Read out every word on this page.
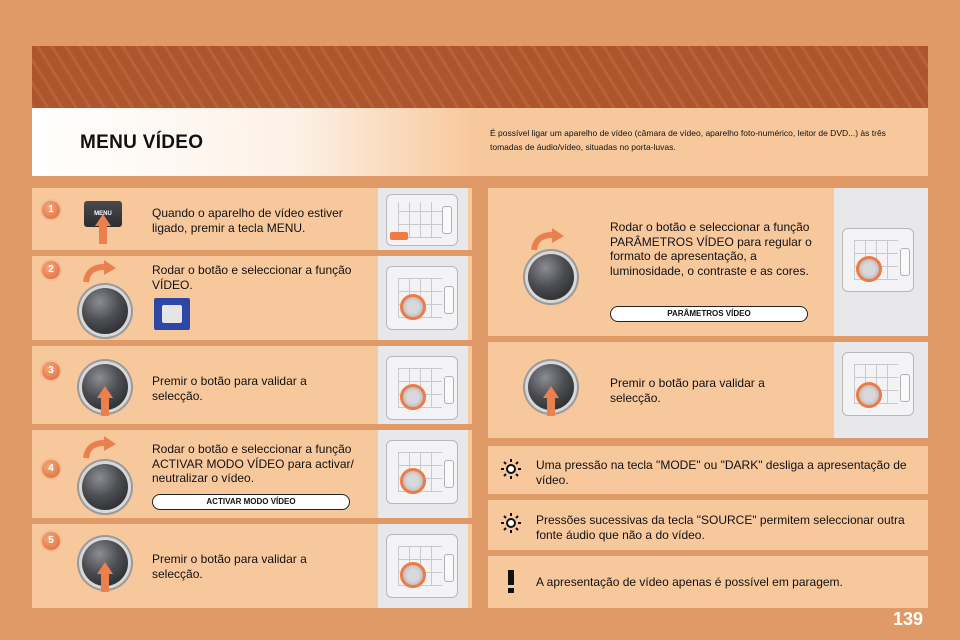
MENU VÍDEO	É possível ligar um aparelho de vídeo (câmara de vídeo, aparelho foto-numérico, leitor de DVD...) às três tomadas de áudio/vídeo, situadas no porta-luvas.
1	MENU	Quando o aparelho de vídeo estiver ligado, premir a tecla MENU.
2	Rodar o botão e seleccionar a função VÍDEO.
3
Premir o botão para validar a selecção.
4
Rodar o botão e seleccionar a função ACTIVAR MODO VÍDEO para activar/ neutralizar o vídeo.
ACTIVAR MODO VÍDEO
5
Premir o botão para validar a selecção.
Rodar o botão e seleccionar a função PARÂMETROS VÍDEO para regular o formato de apresentação, a luminosidade, o contraste e as cores.
PARÂMETROS VÍDEO
Premir o botão para validar a selecção.
Uma pressão na tecla "MODE" ou "DARK" desliga a apresentação de vídeo.
Pressões sucessivas da tecla "SOURCE" permitem seleccionar outra fonte áudio que não a do vídeo.
A apresentação de vídeo apenas é possível em paragem.
139
